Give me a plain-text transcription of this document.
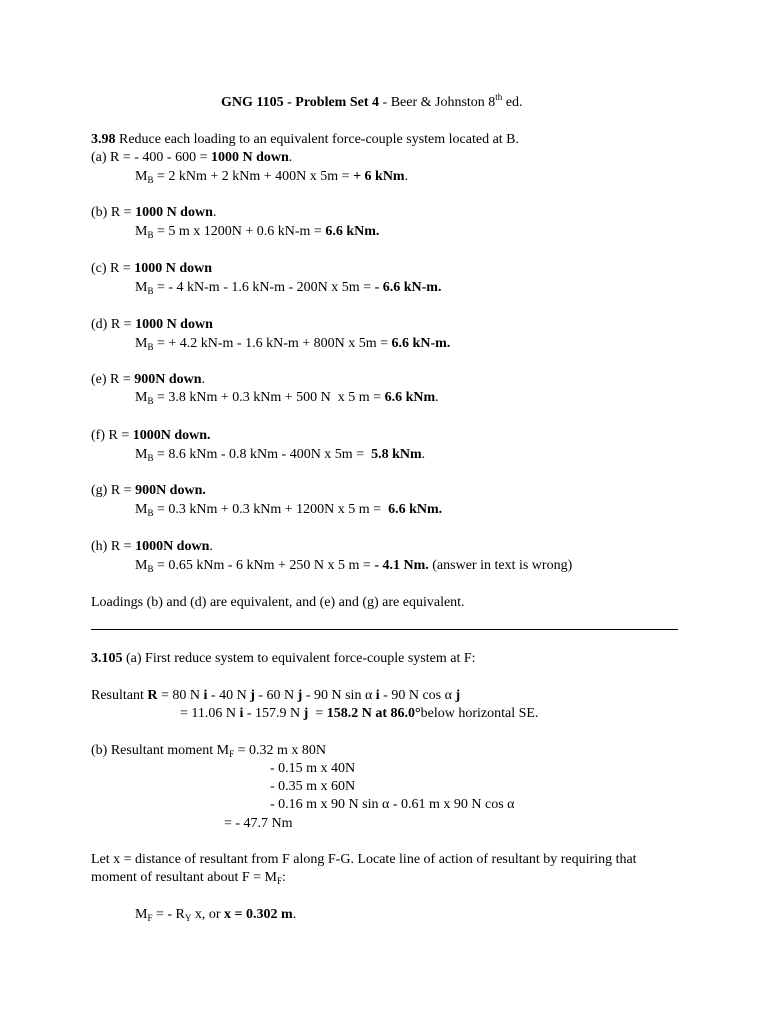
GNG 1105 - Problem Set 4 - Beer & Johnston 8th ed.
3.98 Reduce each loading to an equivalent force-couple system located at B.
(a) R = - 400 - 600 = 1000 N down.
$M_B = 2$ kNm + 2 kNm + 400N x 5m = + 6 kNm.
(b) R = 1000 N down.
$M_B = 5$ m x 1200N + 0.6 kN-m = 6.6 kNm.
(c) R = 1000 N down
$M_B$ = - 4 kN-m - 1.6 kN-m - 200N x 5m = - 6.6 kN-m.
(d) R = 1000 N down
$M_B$ = + 4.2 kN-m - 1.6 kN-m + 800N x 5m = 6.6 kN-m.
(e) R = 900N down.
$M_B = 3.8$ kNm + 0.3 kNm + 500 N  x 5 m = 6.6 kNm.
(f) R = 1000N down.
$M_B = 8.6$ kNm - 0.8 kNm - 400N x 5m =  5.8 kNm.
(g) R = 900N down.
$M_B = 0.3$ kNm + 0.3 kNm + 1200N x 5 m =  6.6 kNm.
(h) R = 1000N down.
$M_B = 0.65$ kNm - 6 kNm + 250 N x 5 m = - 4.1 Nm. (answer in text is wrong)
Loadings (b) and (d) are equivalent, and (e) and (g) are equivalent.
3.105 (a) First reduce system to equivalent force-couple system at F:
Resultant R = 80 N i - 40 N j - 60 N j - 90 N sin α i - 90 N cos α j
= 11.06 N i - 157.9 N j  = 158.2 N at 86.0°below horizontal SE.
(b) Resultant moment $M_F = 0.32$ m x 80N
- 0.15 m x 40N
- 0.35 m x 60N
- 0.16 m x 90 N sin α - 0.61 m x 90 N cos α
= - 47.7 Nm
Let x = distance of resultant from F along F-G. Locate line of action of resultant by requiring that
moment of resultant about $F = M_F$:
$M_F$ = - $R_Y$ x, or x = 0.302 m.
